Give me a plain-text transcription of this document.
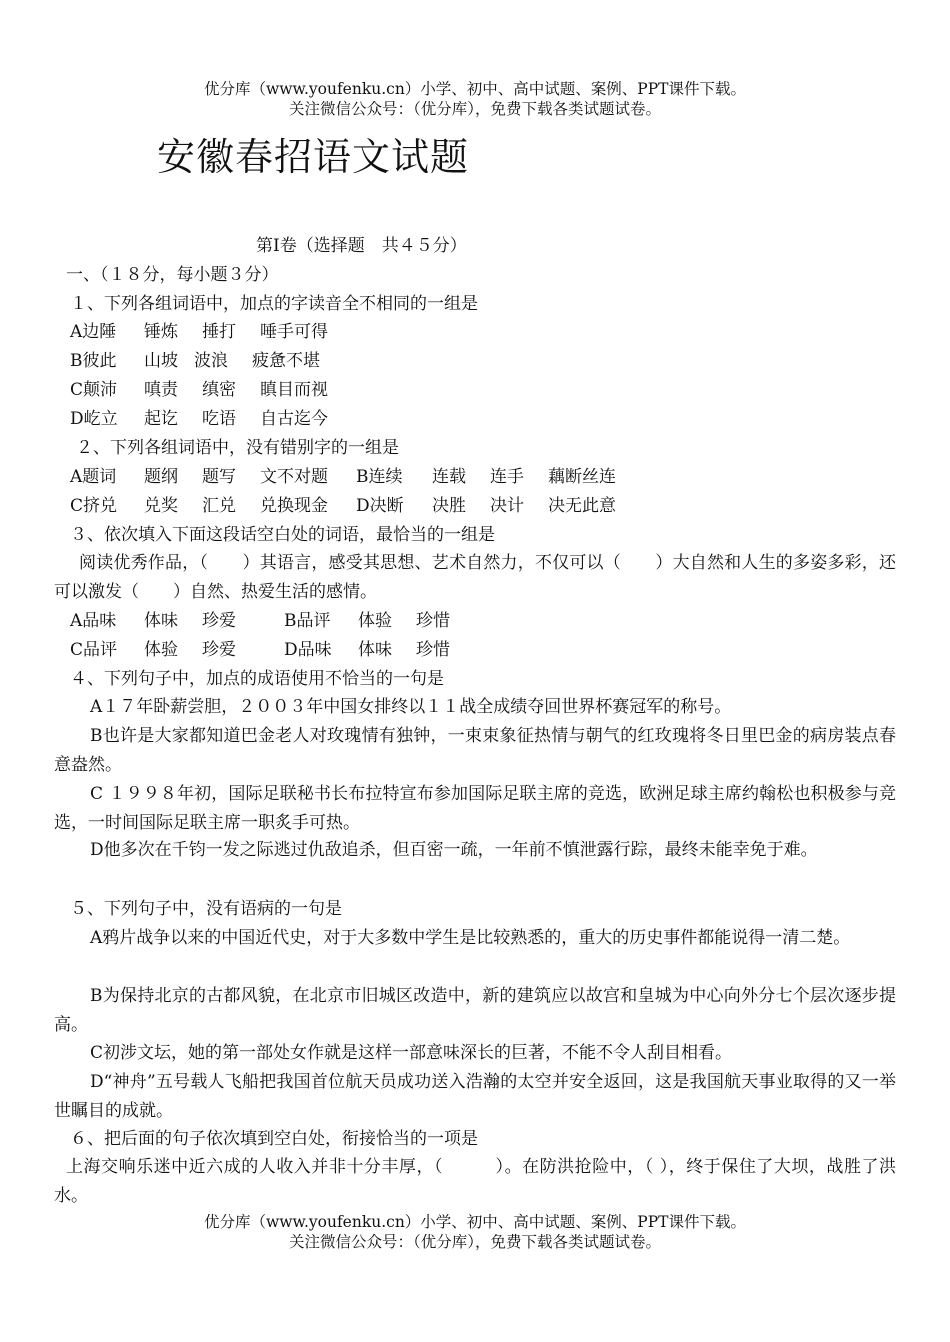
优分库（www.youfenku.cn）小学、初中、高中试题、案例、PPT课件下载。
关注微信公众号：（优分库），免费下载各类试题试卷。
安徽春招语文试题
第Ⅰ卷（选择题　共４５分）
一、（１８分，每小题３分）
１、下列各组词语中，加点的字读音全不相同的一组是
A边陲 锤炼 捶打 唾手可得
B彼此 山坡 波浪 疲惫不堪
C颠沛 嗔责 缜密 瞋目而视
D屹立 起讫 吃语 自古迄今
２、下列各组词语中，没有错别字的一组是
A题词 题纲 题写 文不对题 B连续 连载 连手 藕断丝连
C挤兑 兑奖 汇兑 兑换现金 D决断 决胜 决计 决无此意
３、依次填入下面这段话空白处的词语，最恰当的一组是
阅读优秀作品，（　　）其语言，感受其思想、艺术自然力，不仅可以（　　）大自然和人生的多姿多彩，还可以激发（　　）自然、热爱生活的感情。
A品味 体味 珍爱	B品评 体验 珍惜
C品评 体验 珍爱	D品味 体味 珍惜
４、下列句子中，加点的成语使用不恰当的一句是
A１７年卧薪尝胆，２００３年中国女排终以１１战全成绩夺回世界杯赛冠军的称号。
B也许是大家都知道巴金老人对玫瑰情有独钟，一束束象征热情与朝气的红玫瑰将冬日里巴金的病房装点春意盎然。
C １９９８年初，国际足联秘书长布拉特宣布参加国际足联主席的竞选，欧洲足球主席约翰松也积极参与竞选，一时间国际足联主席一职炙手可热。
D他多次在千钧一发之际逃过仇敌追杀，但百密一疏，一年前不慎泄露行踪，最终未能幸免于难。
５、下列句子中，没有语病的一句是
A鸦片战争以来的中国近代史，对于大多数中学生是比较熟悉的，重大的历史事件都能说得一清二楚。
B为保持北京的古都风貌，在北京市旧城区改造中，新的建筑应以故宫和皇城为中心向外分七个层次逐步提高。
C初涉文坛，她的第一部处女作就是这样一部意味深长的巨著，不能不令人刮目相看。
D“神舟”五号载人飞船把我国首位航天员成功送入浩瀚的太空并安全返回，这是我国航天事业取得的又一举世瞩目的成就。
６、把后面的句子依次填到空白处，衔接恰当的一项是
上海交响乐迷中近六成的人收入并非十分丰厚，（　　　）。在防洪抢险中，（ ），终于保住了大坝，战胜了洪水。
优分库（www.youfenku.cn）小学、初中、高中试题、案例、PPT课件下载。
关注微信公众号：（优分库），免费下载各类试题试卷。
